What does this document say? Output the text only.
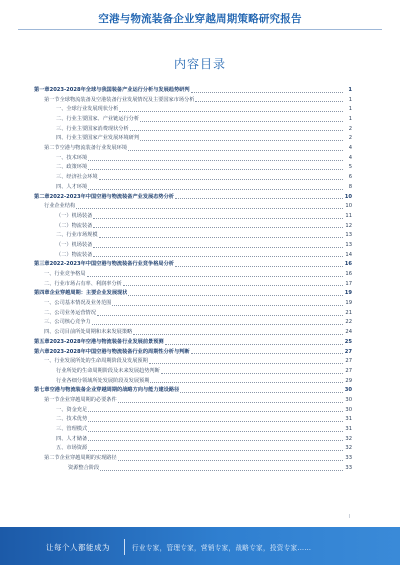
空港与物流装备企业穿越周期策略研究报告
内容目录
第一章 2023-2028年全球与我国装备产业运行分析与发展趋势研判	1
第一节 全球物流装备及空港装备行业发展情况及主要国家市场分析	1
一、 全球行业发展现状分析	1
二、 行业主要国家、产业链运行分析	1
三、 行业主要国家消费现状分析	2
四、 行业主要国家产业发展环境研判	2
第二节 空港与物流装备行业发展环境	4
一、 技术环境	4
二、 政策环境	5
三、 经济社会环境	6
四、 人才环境	8
第二章 2022-2023年中国空港与物流装备产业发展态势分析	10
行业企业结构	10
（一） 机场装备	11
（二） 物流装备	12
二、 行业市场规模	13
（一） 机场装备	13
（二） 物流装备	14
第三章 2022-2023年中国空港与物流装备行业竞争格局分析	16
一、 行业竞争格局	16
二、 行业市场占有率、利润率分析	17
第四章 企业穿越周期：主要企业发展现状	19
一、 公司基本情况及业务范围	19
二、 公司业务运营情况	21
三、 公司核心竞争力	22
四、 公司目前所处周期和未来发展策略	24
第五章 2023-2028年空港与物流装备行业发展前景预测	25
第六章 2023-2028年中国空港与物流装备行业的周期性分析与判断	27
一、 行业发展所处的生命周期阶段及发展预期	27
行业所处的生命周期阶段及未来发展趋势判断	27
行业各细分领域所处发展阶段及发展预期	29
第七章 空港与物流装备企业穿越周期的战略方向与能力建设路径	30
第一节 企业穿越周期的必要条件	30
一、 资金充足	30
二、 技术优势	31
三、 管理模式	31
四、 人才储备	32
五、 市场资源	32
第二节 企业穿越周期的实现路径	33
资源整合阶段	33
I
让每个人都能成为	行业专家，管理专家，营销专家，战略专家，投资专家……
